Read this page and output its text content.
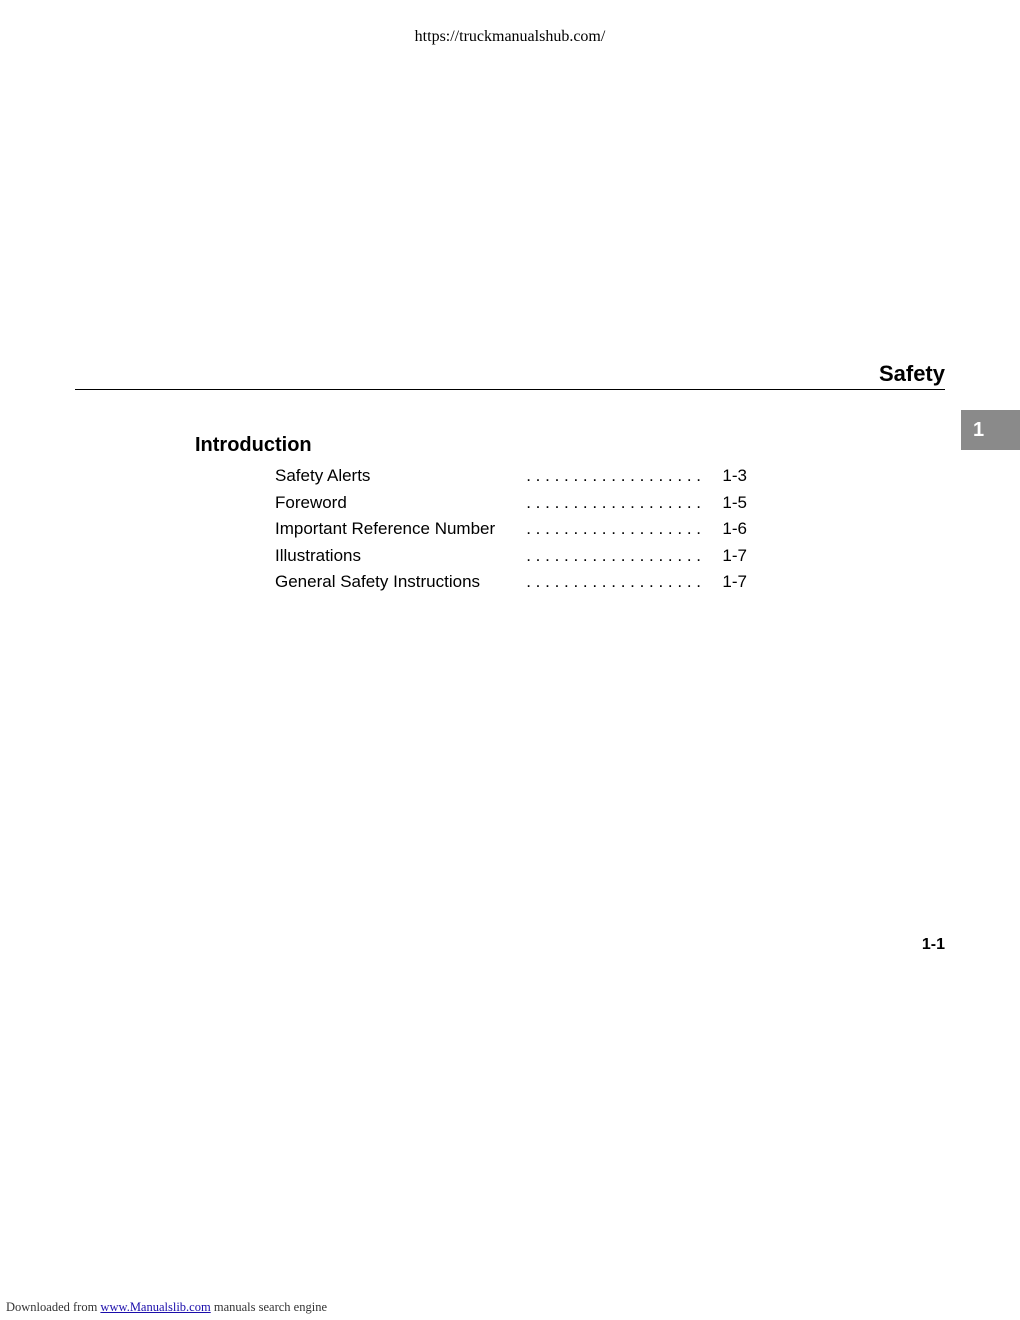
https://truckmanualshub.com/
Safety
1
Introduction
. . . . . . . . . . . . . . . . . . .
Safety Alerts	1-3
. . . . . . . . . . . . . . . . . . .
Foreword	1-5
. . . . . . . . . . . . . . . . . . .
Important Reference Number	1-6
. . . . . . . . . . . . . . . . . . .
Illustrations	1-7
. . . . . . . . . . . . . . . . . . .
General Safety Instructions	1-7
1-1
Downloaded from www.Manualslib.com manuals search engine
